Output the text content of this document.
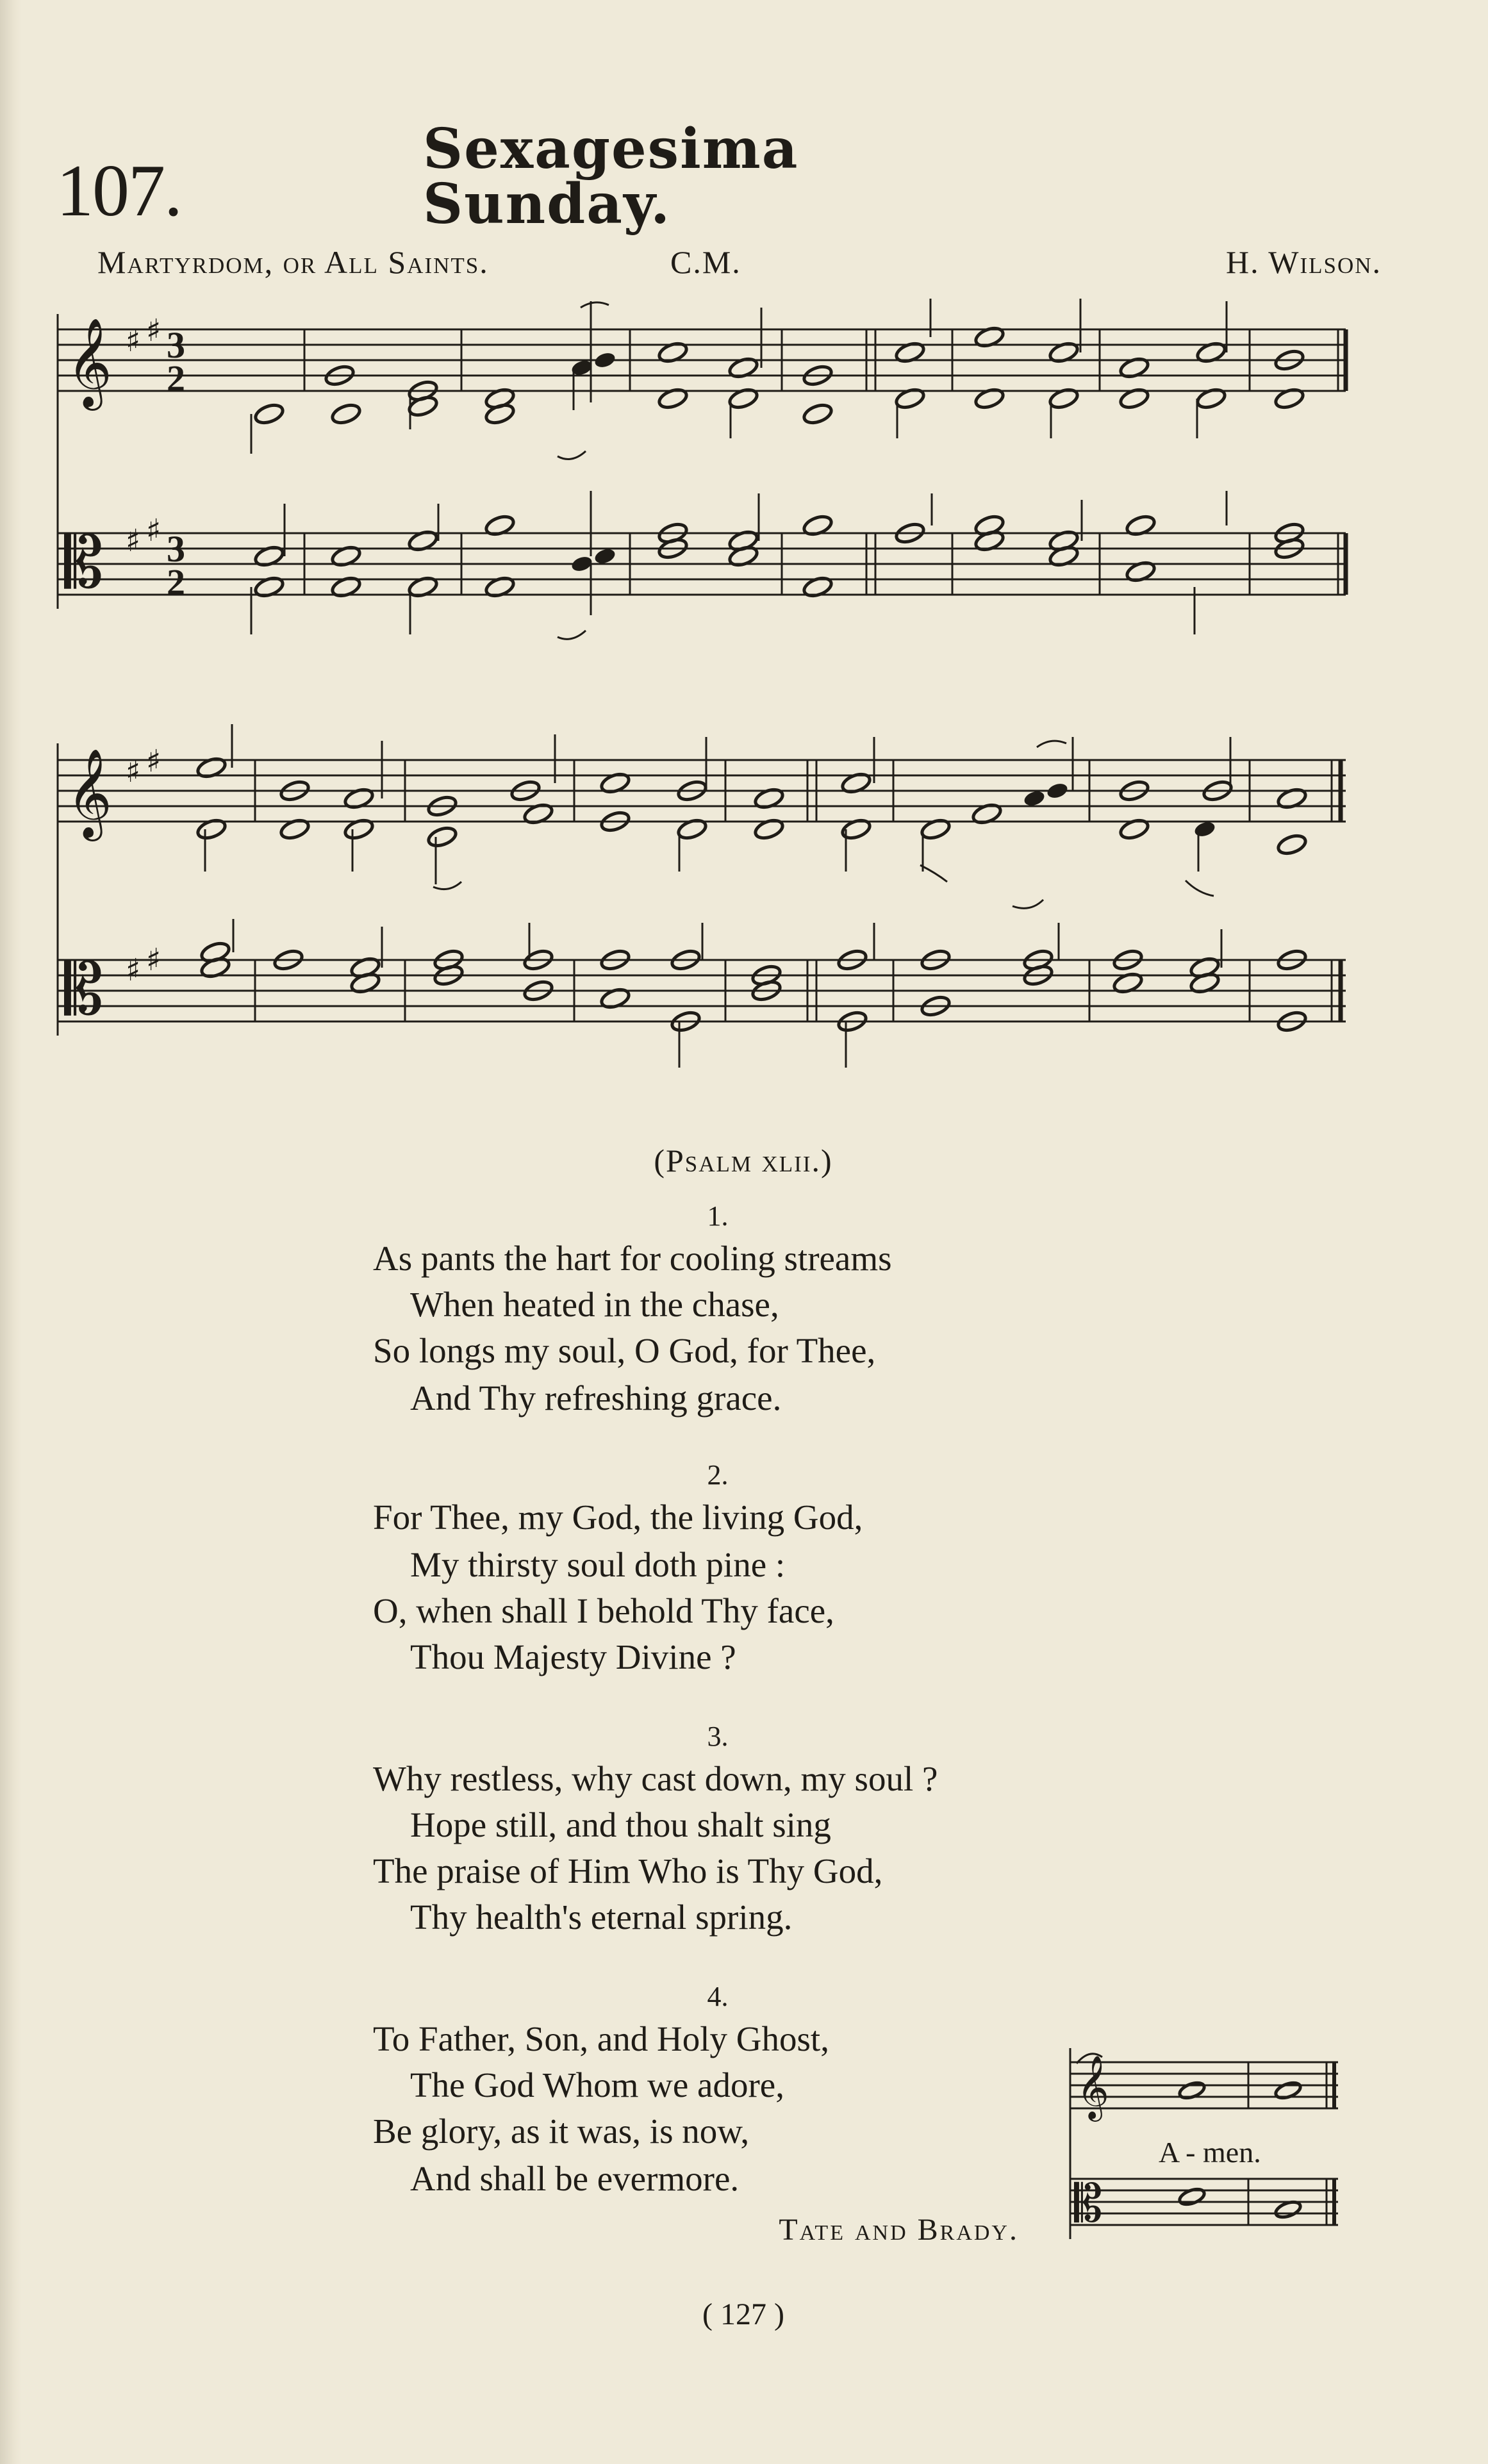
107.
Sexagesima Sunday.
Martyrdom, or All Saints.	C.M.	H. Wilson.
𝄞
𝄡
𝄞
𝄡
𝄞
𝄡
♯ ♯
♯ ♯
♯ ♯
♯ ♯
3
2
3
2
(Psalm xlii.)
1.
As pants the hart for cooling streams
When heated in the chase,
So longs my soul, O God, for Thee,
And Thy refreshing grace.
2.
For Thee, my God, the living God,
My thirsty soul doth pine :
O, when shall I behold Thy face,
Thou Majesty Divine ?
3.
Why restless, why cast down, my soul ?
Hope still, and thou shalt sing
The praise of Him Who is Thy God,
Thy health's eternal spring.
4.
To Father, Son, and Holy Ghost,
The God Whom we adore,
Be glory, as it was, is now,
And shall be evermore.
Tate and Brady.
A - men.
( 127 )
